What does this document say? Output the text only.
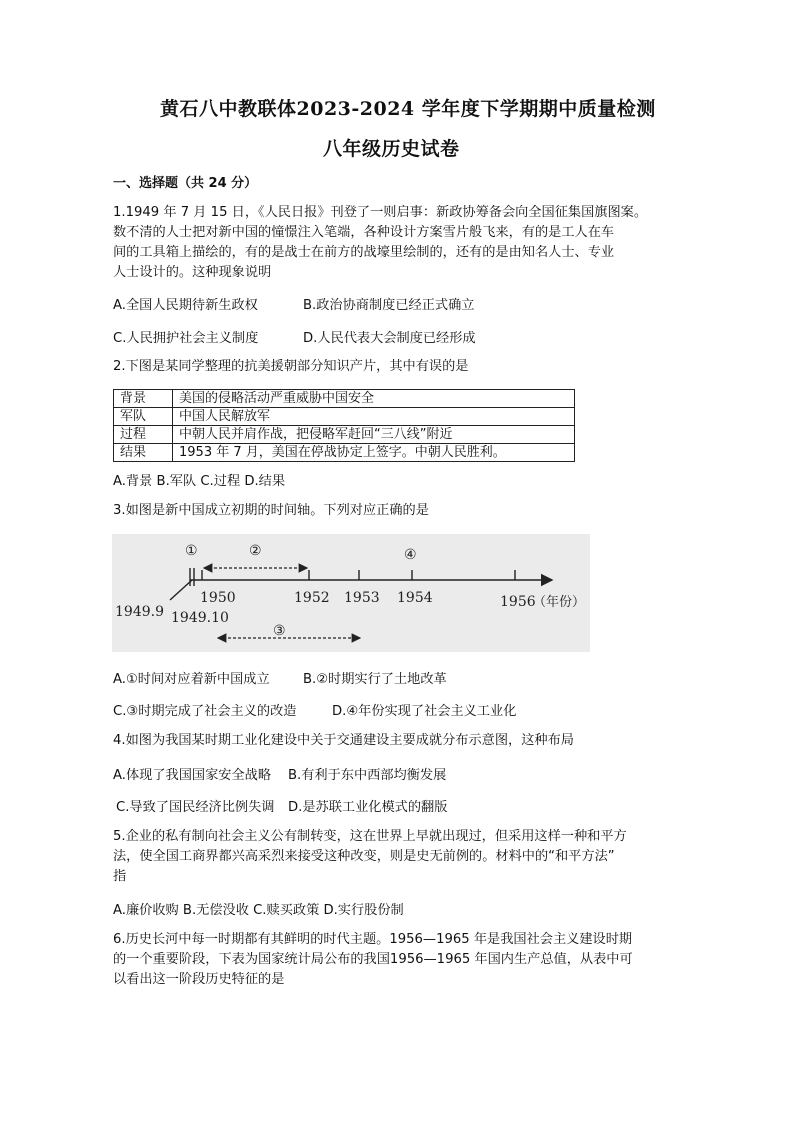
黄石八中教联体2023-2024 学年度下学期期中质量检测
八年级历史试卷
一、选择题（共 24 分）
1.1949 年 7 月 15 日，《人民日报》刊登了一则启事：新政协筹备会向全国征集国旗图案。
数不清的人士把对新中国的憧憬注入笔端，各种设计方案雪片般飞来，有的是工人在车
间的工具箱上描绘的，有的是战士在前方的战壕里绘制的，还有的是由知名人士、专业
人士设计的。这种现象说明
A.全国人民期待新生政权	B.政治协商制度已经正式确立
C.人民拥护社会主义制度	D.人民代表大会制度已经形成
2.下图是某同学整理的抗美援朝部分知识产片，其中有误的是
背景	美国的侵略活动严重威胁中国安全
军队	中国人民解放军
过程	中朝人民并肩作战，把侵略军赶回“三八线”附近
结果	1953 年 7 月，美国在停战协定上签字。中朝人民胜利。
A.背景 B.军队 C.过程 D.结果
3.如图是新中国成立初期的时间轴。下列对应正确的是
①	②
③
④
1949.9 1949.10
1950	1952 1953 1954	1956
（年份）
A.①时间对应着新中国成立	B.②时期实行了土地改革
C.③时期完成了社会主义的改造	D.④年份实现了社会主义工业化
4.如图为我国某时期工业化建设中关于交通建设主要成就分布示意图，这种布局
A.体现了我国国家安全战略 B.有利于东中西部均衡发展
C.导致了国民经济比例失调 D.是苏联工业化模式的翻版
5.企业的私有制向社会主义公有制转变，这在世界上早就出现过，但采用这样一种和平方
法，使全国工商界都兴高采烈来接受这种改变，则是史无前例的。材料中的“和平方法”
指
A.廉价收购 B.无偿没收 C.赎买政策 D.实行股份制
6.历史长河中每一时期都有其鲜明的时代主题。1956—1965 年是我国社会主义建设时期
的一个重要阶段，下表为国家统计局公布的我国1956—1965 年国内生产总值，从表中可
以看出这一阶段历史特征的是
